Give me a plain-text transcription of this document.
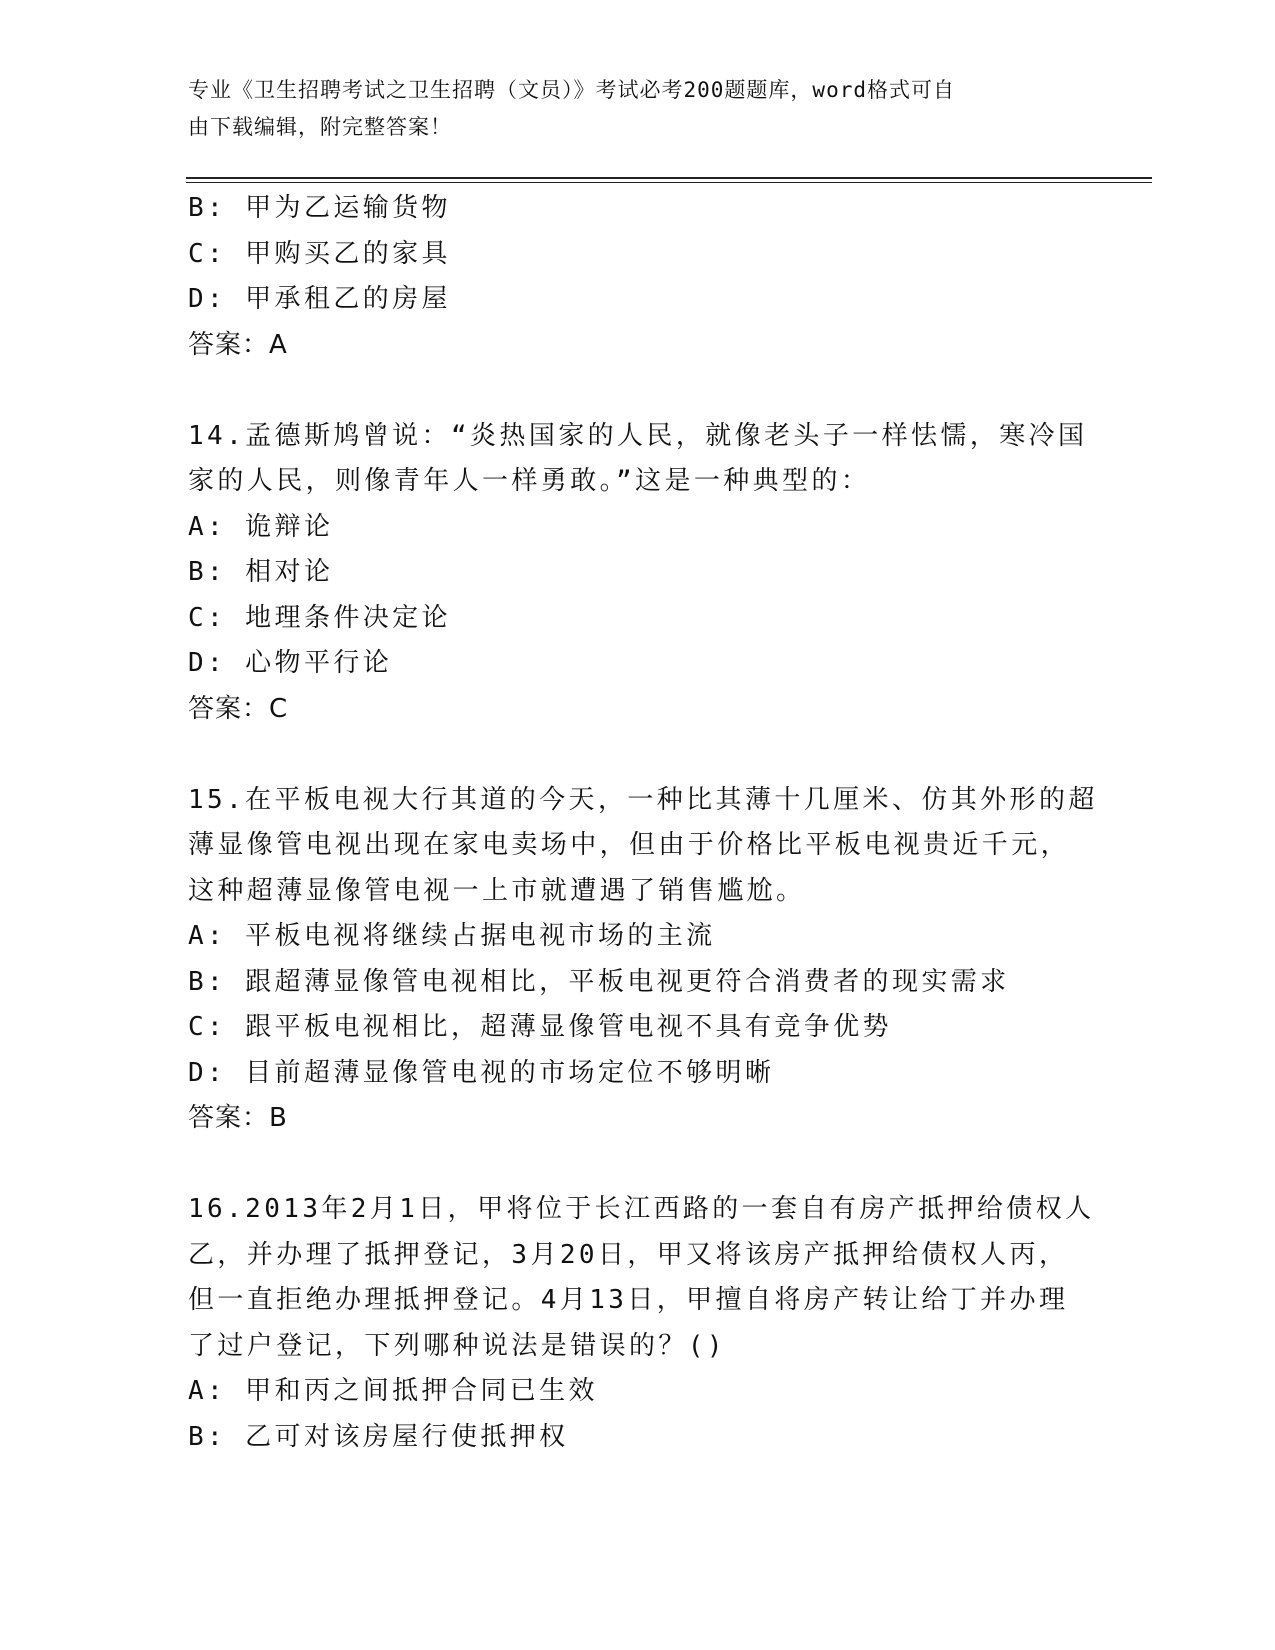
专业《卫生招聘考试之卫生招聘（文员）》考试必考200题题库，word格式可自
由下载编辑，附完整答案！
B: 甲为乙运输货物
C: 甲购买乙的家具
D: 甲承租乙的房屋
答案：A
14.孟德斯鸠曾说：“炎热国家的人民，就像老头子一样怯懦，寒冷国
家的人民，则像青年人一样勇敢。”这是一种典型的：
A: 诡辩论
B: 相对论
C: 地理条件决定论
D: 心物平行论
答案：C
15.在平板电视大行其道的今天，一种比其薄十几厘米、仿其外形的超
薄显像管电视出现在家电卖场中，但由于价格比平板电视贵近千元，
这种超薄显像管电视一上市就遭遇了销售尴尬。
A: 平板电视将继续占据电视市场的主流
B: 跟超薄显像管电视相比，平板电视更符合消费者的现实需求
C: 跟平板电视相比，超薄显像管电视不具有竞争优势
D: 目前超薄显像管电视的市场定位不够明晰
答案：B
16.2013年2月1日，甲将位于长江西路的一套自有房产抵押给债权人
乙，并办理了抵押登记，3月20日，甲又将该房产抵押给债权人丙，
但一直拒绝办理抵押登记。4月13日，甲擅自将房产转让给丁并办理
了过户登记，下列哪种说法是错误的？()
A: 甲和丙之间抵押合同已生效
B: 乙可对该房屋行使抵押权
